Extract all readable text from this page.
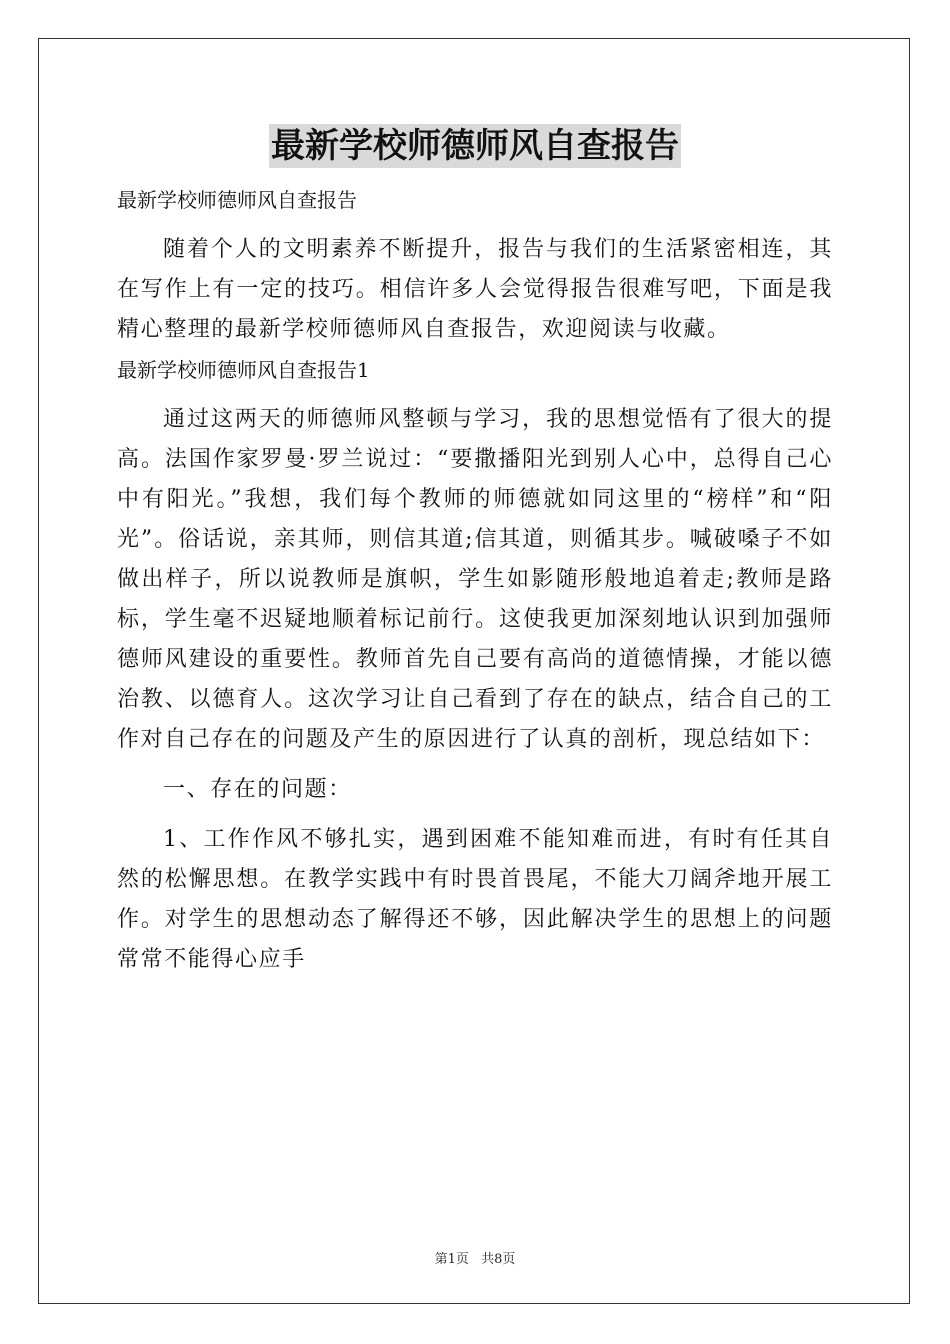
最新学校师德师风自查报告

最新学校师德师风自查报告

随着个人的文明素养不断提升，报告与我们的生活紧密相连，其在写作上有一定的技巧。相信许多人会觉得报告很难写吧，下面是我精心整理的最新学校师德师风自查报告，欢迎阅读与收藏。

最新学校师德师风自查报告1

通过这两天的师德师风整顿与学习，我的思想觉悟有了很大的提高。法国作家罗曼·罗兰说过：“要撒播阳光到别人心中，总得自己心中有阳光。”我想，我们每个教师的师德就如同这里的“榜样”和“阳光”。俗话说，亲其师，则信其道;信其道，则循其步。喊破嗓子不如做出样子，所以说教师是旗帜，学生如影随形般地追着走;教师是路标，学生毫不迟疑地顺着标记前行。这使我更加深刻地认识到加强师德师风建设的重要性。教师首先自己要有高尚的道德情操，才能以德治教、以德育人。这次学习让自己看到了存在的缺点，结合自己的工作对自己存在的问题及产生的原因进行了认真的剖析，现总结如下：

一、存在的问题：

1、工作作风不够扎实，遇到困难不能知难而进，有时有任其自然的松懈思想。在教学实践中有时畏首畏尾，不能大刀阔斧地开展工作。对学生的思想动态了解得还不够，因此解决学生的思想上的问题常常不能得心应手

第1页 共8页
